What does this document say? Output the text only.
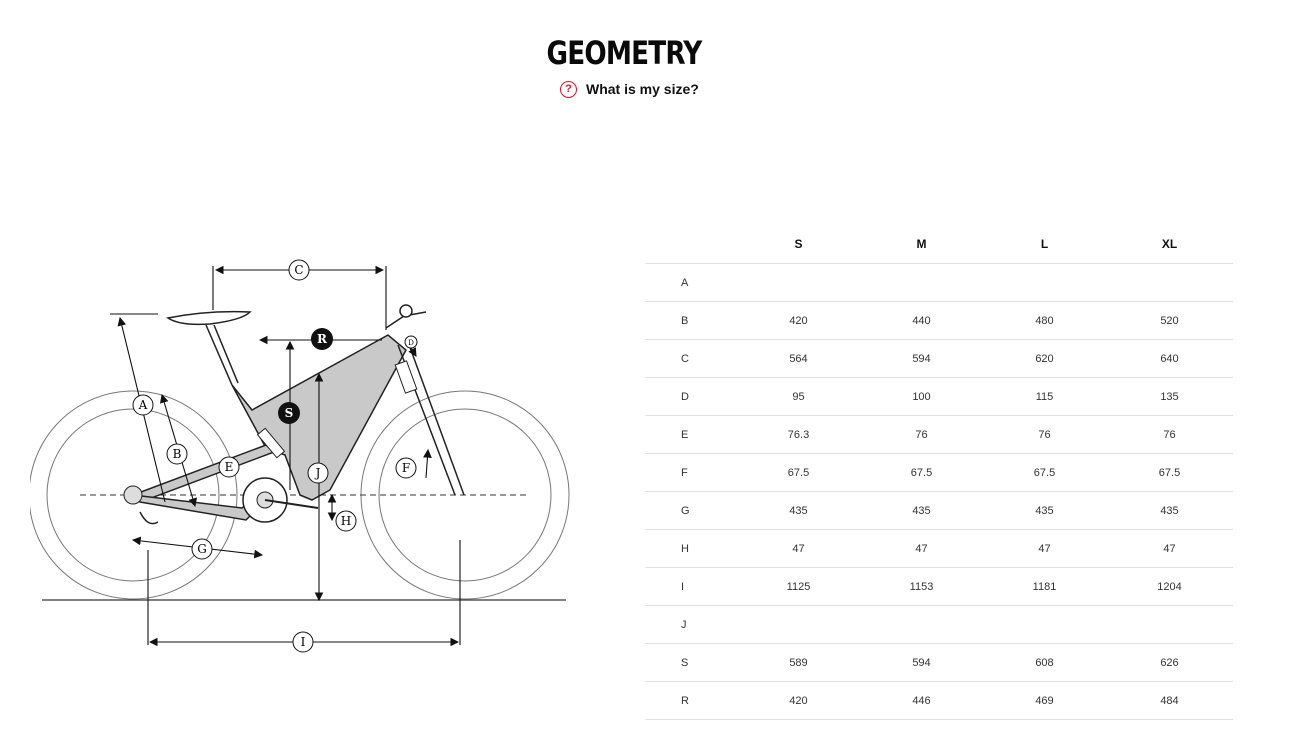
GEOMETRY
?	What is my size?
A
B
C
D
E	F
G
H
I
J
R
S
	S	M	L	XL
A				
B	420	440	480	520
C	564	594	620	640
D	95	100	115	135
E	76.3	76	76	76
F	67.5	67.5	67.5	67.5
G	435	435	435	435
H	47	47	47	47
I	1125	1153	1181	1204
J				
S	589	594	608	626
R	420	446	469	484
